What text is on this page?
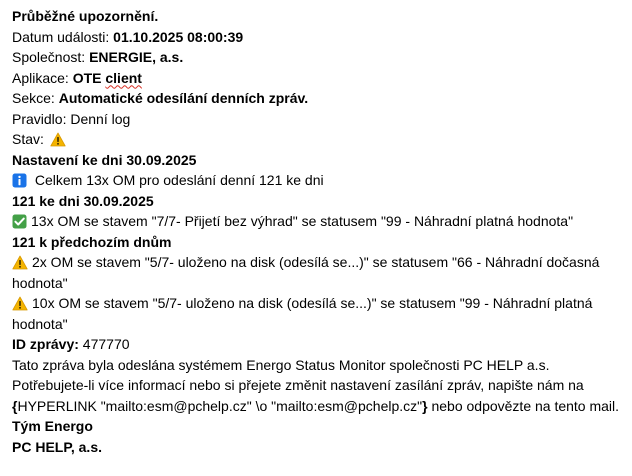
Průběžné upozornění.
Datum události: 01.10.2025 08:00:39
Společnost: ENERGIE, a.s.
Aplikace: OTE client
Sekce: Automatické odesílání denních zpráv.
Pravidlo: Denní log
Stav:
Nastavení ke dni 30.09.2025
Celkem 13x OM pro odeslání denní 121 ke dni
121 ke dni 30.09.2025
13x OM se stavem "7/7- Přijetí bez výhrad" se statusem "99 - Náhradní platná hodnota"
121 k předchozím dnům
2x OM se stavem "5/7- uloženo na disk (odesílá se...)" se statusem "66 - Náhradní dočasná hodnota"
10x OM se stavem "5/7- uloženo na disk (odesílá se...)" se statusem "99 - Náhradní platná hodnota"
ID zprávy: 477770
Tato zpráva byla odeslána systémem Energo Status Monitor společnosti PC HELP a.s.
Potřebujete-li více informací nebo si přejete změnit nastavení zasílání zpráv, napište nám na {HYPERLINK "mailto:esm@pchelp.cz" \o "mailto:esm@pchelp.cz"} nebo odpovězte na tento mail.
Tým Energo
PC HELP, a.s.
